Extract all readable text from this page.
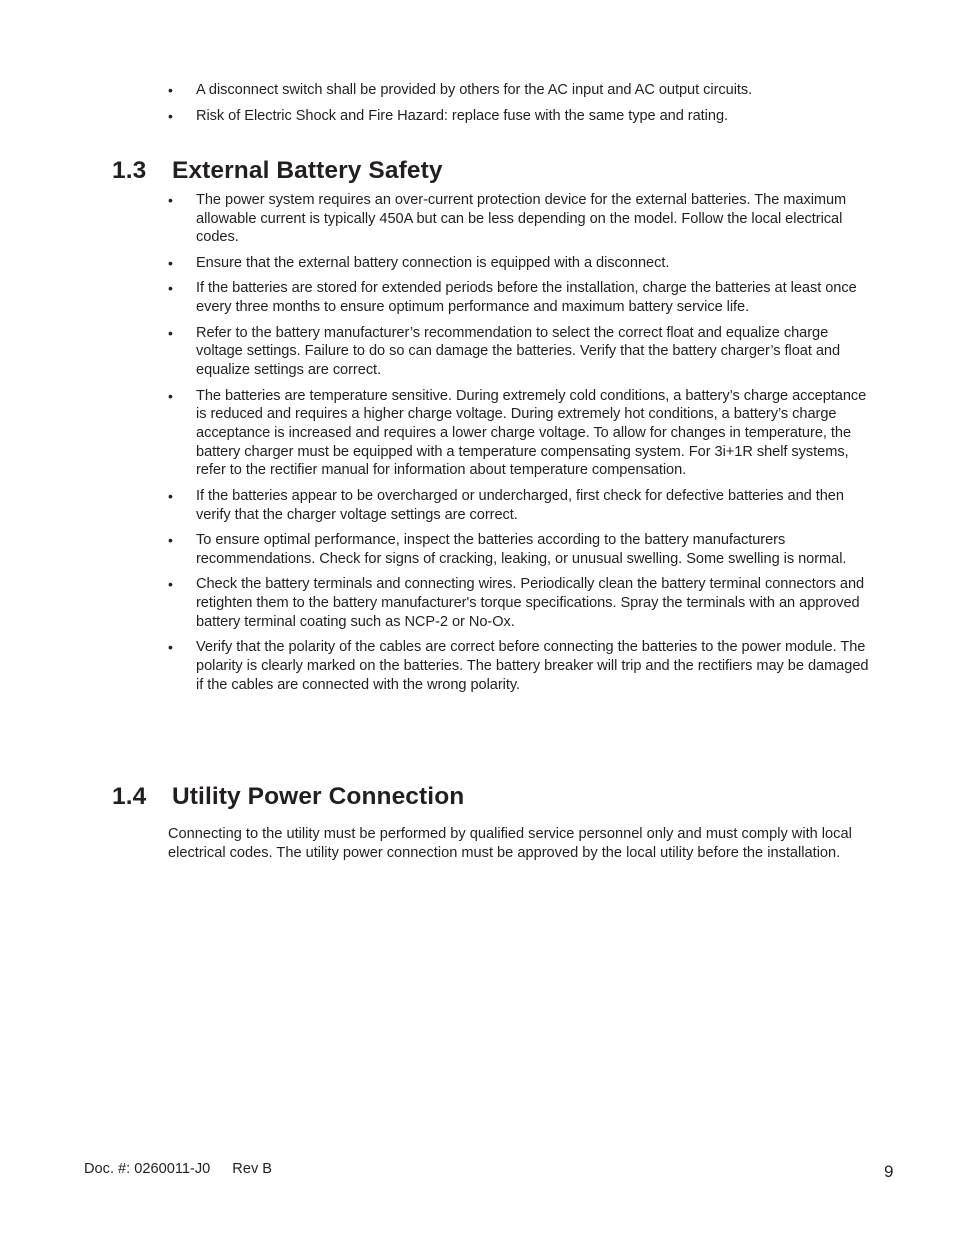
• A disconnect switch shall be provided by others for the AC input and AC output circuits.
• Risk of Electric Shock and Fire Hazard: replace fuse with the same type and rating.
1.3 External Battery Safety
• The power system requires an over-current protection device for the external batteries. The maximum allowable current is typically 450A but can be less depending on the model. Follow the local electrical codes.
• Ensure that the external battery connection is equipped with a disconnect.
• If the batteries are stored for extended periods before the installation, charge the batteries at least once every three months to ensure optimum performance and maximum battery service life.
• Refer to the battery manufacturer’s recommendation to select the correct float and equalize charge voltage settings. Failure to do so can damage the batteries. Verify that the battery charger’s float and equalize settings are correct.
• The batteries are temperature sensitive. During extremely cold conditions, a battery’s charge acceptance is reduced and requires a higher charge voltage. During extremely hot conditions, a battery’s charge acceptance is increased and requires a lower charge voltage. To allow for changes in temperature, the battery charger must be equipped with a temperature compensating system. For 3i+1R shelf systems, refer to the rectifier manual for information about temperature compensation.
• If the batteries appear to be overcharged or undercharged, first check for defective batteries and then verify that the charger voltage settings are correct.
• To ensure optimal performance, inspect the batteries according to the battery manufacturers recommendations. Check for signs of cracking, leaking, or unusual swelling. Some swelling is normal.
• Check the battery terminals and connecting wires. Periodically clean the battery terminal connectors and retighten them to the battery manufacturer's torque specifications. Spray the terminals with an approved battery terminal coating such as NCP-2 or No-Ox.
• Verify that the polarity of the cables are correct before connecting the batteries to the power module. The polarity is clearly marked on the batteries. The battery breaker will trip and the rectifiers may be damaged if the cables are connected with the wrong polarity.
1.4 Utility Power Connection

Connecting to the utility must be performed by qualified service personnel only and must comply with local electrical codes. The utility power connection must be approved by the local utility before the installation.

Doc. #: 0260011-J0 Rev B	9
